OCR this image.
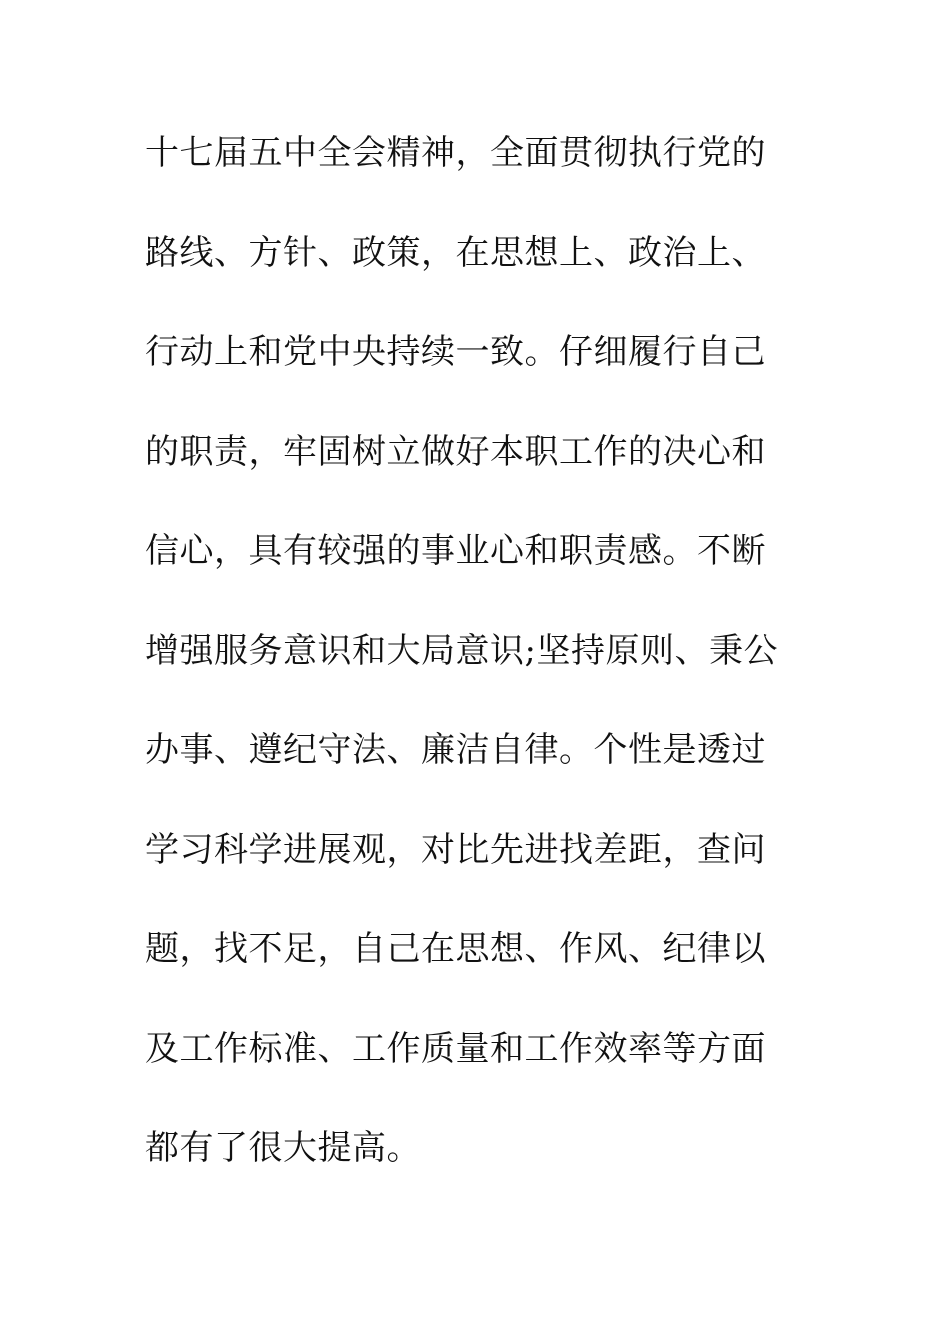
十七届五中全会精神，全面贯彻执行党的
路线、方针、政策，在思想上、政治上、
行动上和党中央持续一致。仔细履行自己
的职责，牢固树立做好本职工作的决心和
信心，具有较强的事业心和职责感。不断
增强服务意识和大局意识;坚持原则、秉公
办事、遵纪守法、廉洁自律。个性是透过
学习科学进展观，对比先进找差距，查问
题，找不足，自己在思想、作风、纪律以
及工作标准、工作质量和工作效率等方面
都有了很大提高。
